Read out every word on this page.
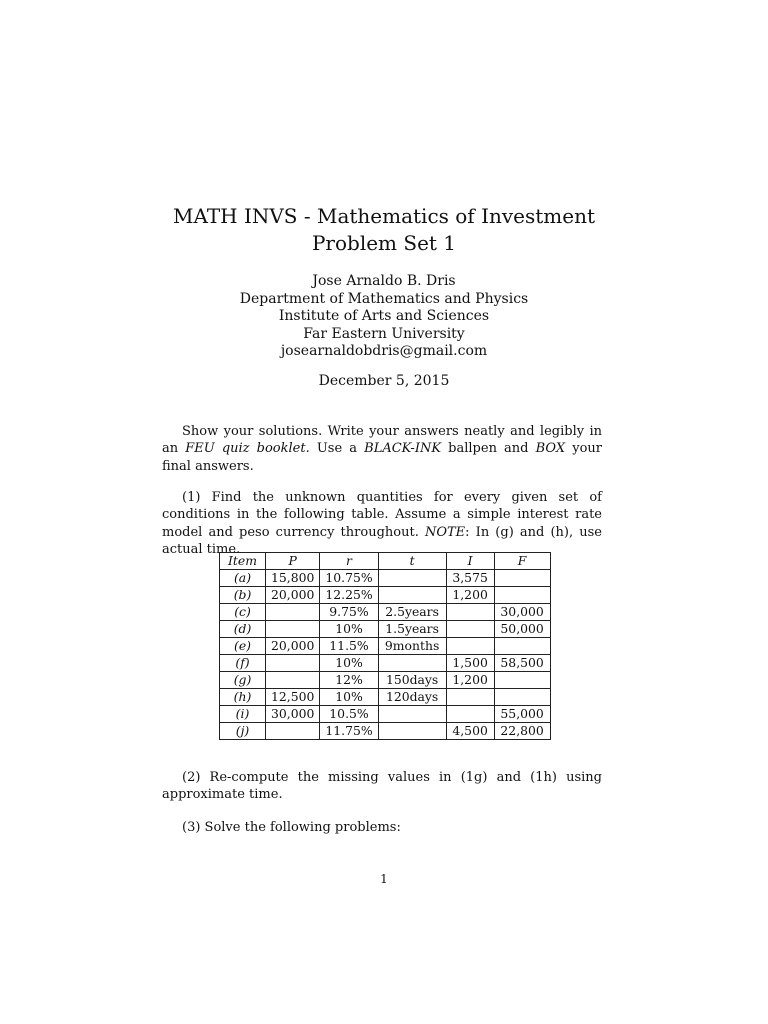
MATH INVS - Mathematics of Investment
Problem Set 1
Jose Arnaldo B. Dris
Department of Mathematics and Physics
Institute of Arts and Sciences
Far Eastern University
josearnaldobdris@gmail.com
December 5, 2015
Show your solutions. Write your answers neatly and legibly in an FEU quiz booklet. Use a BLACK-INK ballpen and BOX your final answers.
(1) Find the unknown quantities for every given set of conditions in the following table. Assume a simple interest rate model and peso currency throughout. NOTE: In (g) and (h), use actual time.
Item	P	r	t	I	F
(a)	15,800	10.75%		3,575	
(b)	20,000	12.25%		1,200	
(c)		9.75%	2.5years		30,000
(d)		10%	1.5years		50,000
(e)	20,000	11.5%	9months		
(f)		10%		1,500	58,500
(g)		12%	150days	1,200	
(h)	12,500	10%	120days		
(i)	30,000	10.5%			55,000
(j)		11.75%		4,500	22,800
(2) Re-compute the missing values in (1g) and (1h) using approximate time.
(3) Solve the following problems:
1
